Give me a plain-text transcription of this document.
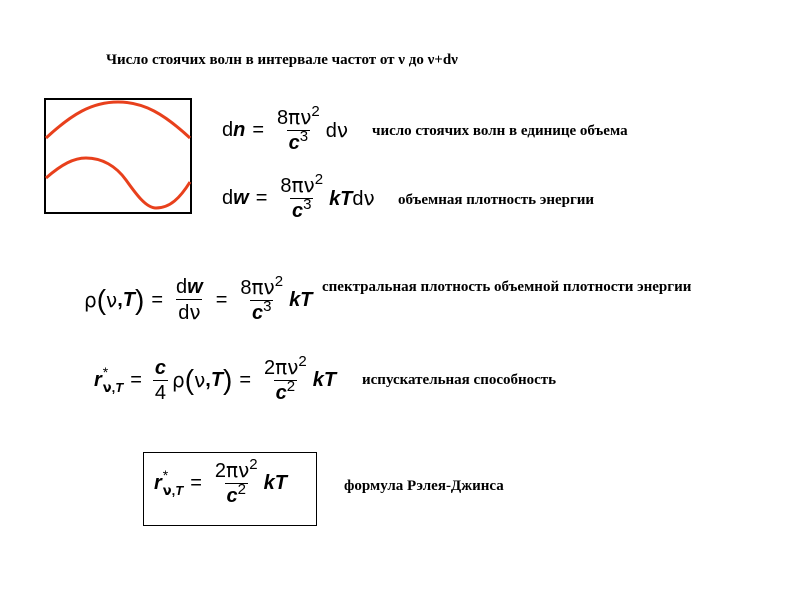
Число стоячих волн в интервале частот от ν до ν+dν
dn = $\frac{8\pi\nu^2}{c^3}$ dν число стоячих волн в единице объема
dw = $\frac{8\pi\nu^2}{c^3}$ kTdν объемная плотность энергии
ρ ( ν , T ) = $\frac{dw}{d\nu} = \frac{8\pi\nu^2}{c^3}$ kT
спектральная плотность объемной плотности энергии
r *
$\nu,T = \frac{c}{4}$ ρ ( ν , T ) = $\frac{2\pi\nu^2}{c^2}$ kT испускательная способность
r *
$\nu,T = \frac{2\pi\nu^2}{c^2}$ kT	формула Рэлея-Джинса
